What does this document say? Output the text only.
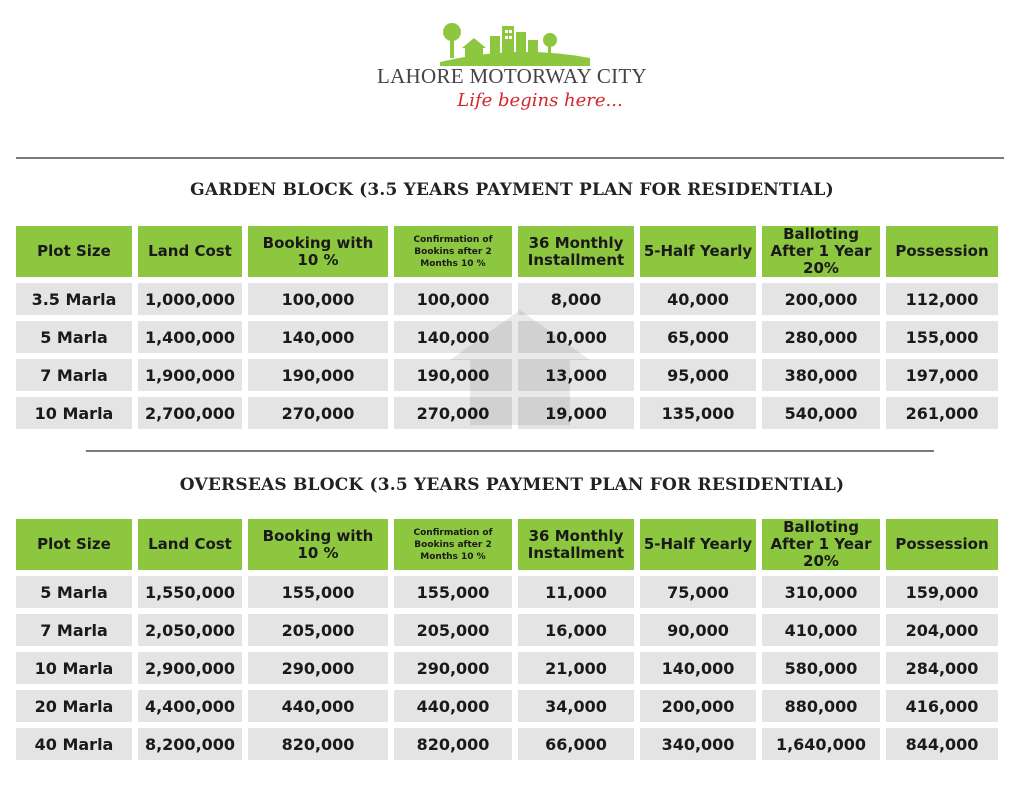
LAHORE MOTORWAY CITY
Life begins here...
GARDEN BLOCK (3.5 YEARS PAYMENT PLAN FOR RESIDENTIAL)
Plot Size	Land Cost	Booking with 10 %	Confirmation of Bookins after 2 Months 10 %	36 Monthly Installment	5-Half Yearly	Balloting After 1 Year 20%	Possession
3.5 Marla	1,000,000	100,000	100,000	8,000	40,000	200,000	112,000
5 Marla	1,400,000	140,000	140,000	10,000	65,000	280,000	155,000
7 Marla	1,900,000	190,000	190,000	13,000	95,000	380,000	197,000
10 Marla	2,700,000	270,000	270,000	19,000	135,000	540,000	261,000
OVERSEAS BLOCK (3.5 YEARS PAYMENT PLAN FOR RESIDENTIAL)
Plot Size	Land Cost	Booking with 10 %	Confirmation of Bookins after 2 Months 10 %	36 Monthly Installment	5-Half Yearly	Balloting After 1 Year 20%	Possession
5 Marla	1,550,000	155,000	155,000	11,000	75,000	310,000	159,000
7 Marla	2,050,000	205,000	205,000	16,000	90,000	410,000	204,000
10 Marla	2,900,000	290,000	290,000	21,000	140,000	580,000	284,000
20 Marla	4,400,000	440,000	440,000	34,000	200,000	880,000	416,000
40 Marla	8,200,000	820,000	820,000	66,000	340,000	1,640,000	844,000
